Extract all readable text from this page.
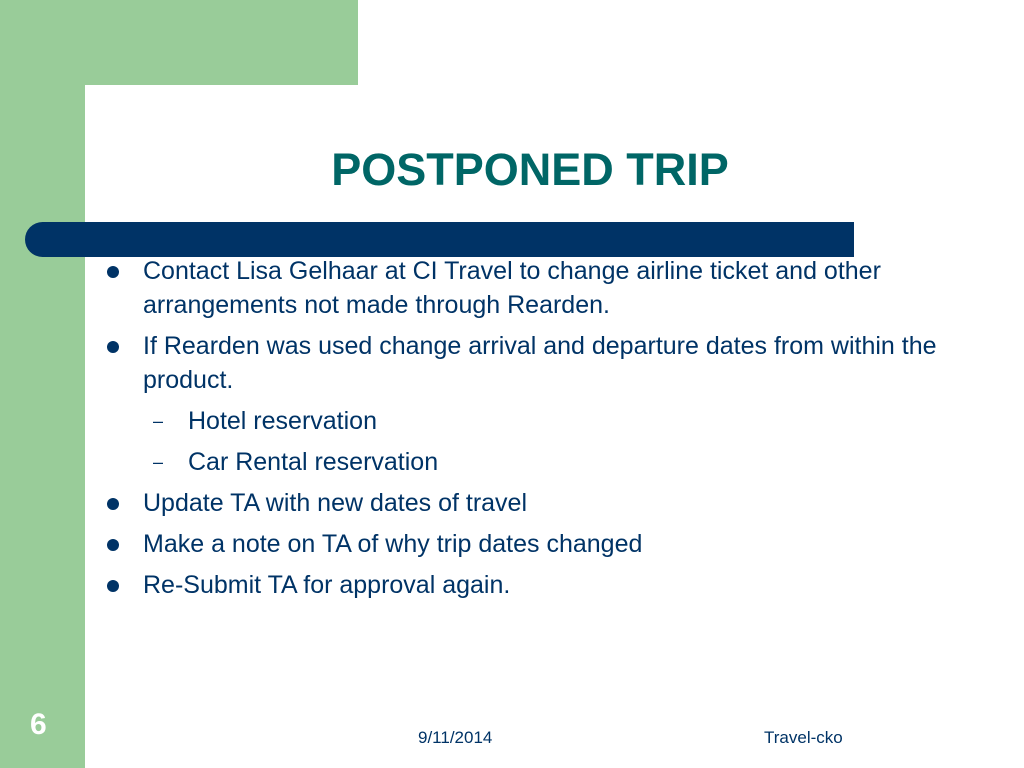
POSTPONED TRIP
Contact Lisa Gelhaar at CI Travel to change airline ticket and other arrangements not made through Rearden.
If Rearden was used change arrival and departure dates from within the product.
– Hotel reservation
– Car Rental reservation
Update TA with new dates of travel
Make a note on TA of why trip dates changed
Re-Submit TA for approval again.
6	9/11/2014	Travel-cko
